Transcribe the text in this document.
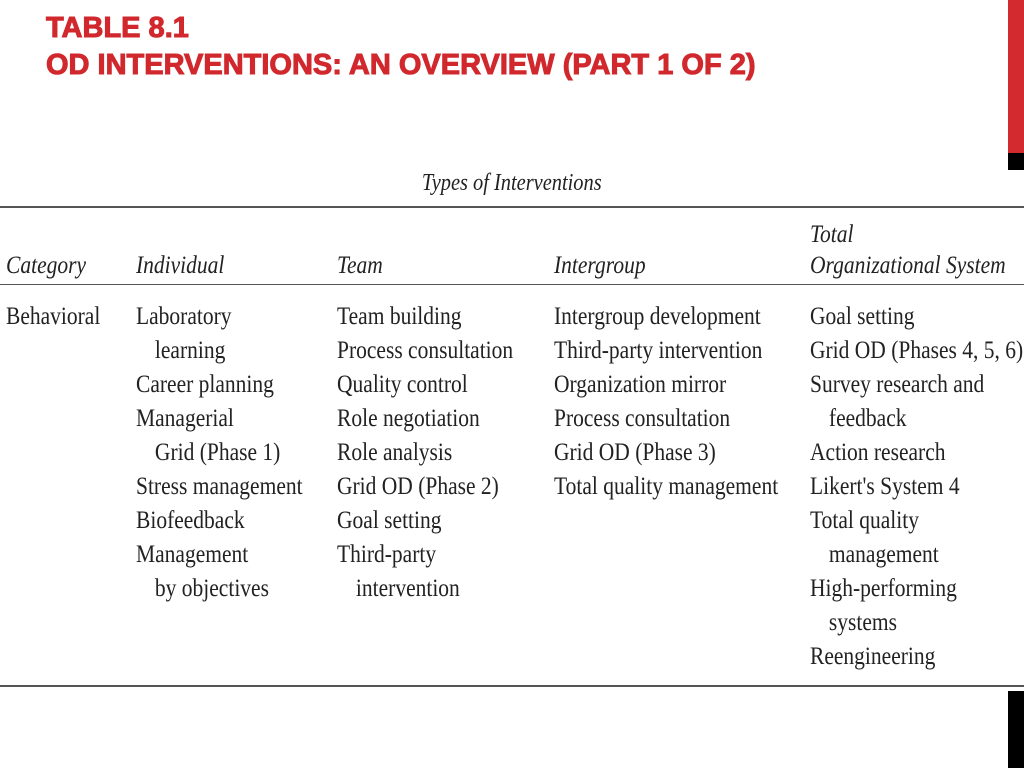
TABLE 8.1
OD INTERVENTIONS: AN OVERVIEW (PART 1 OF 2)
Types of Interventions
Category Individual	Team	Intergroup
Total
Organizational System
Behavioral Laboratory
learning
Career planning
Managerial
Grid (Phase 1)
Stress management
Biofeedback
Management
by objectives
Team building
Process consultation
Quality control
Role negotiation
Role analysis
Grid OD (Phase 2)
Goal setting
Third-party
intervention
Intergroup development
Third-party intervention
Organization mirror
Process consultation
Grid OD (Phase 3)
Total quality management
Goal setting
Grid OD (Phases 4, 5, 6)
Survey research and
feedback
Action research
Likert's System 4
Total quality
management
High-performing
systems
Reengineering
